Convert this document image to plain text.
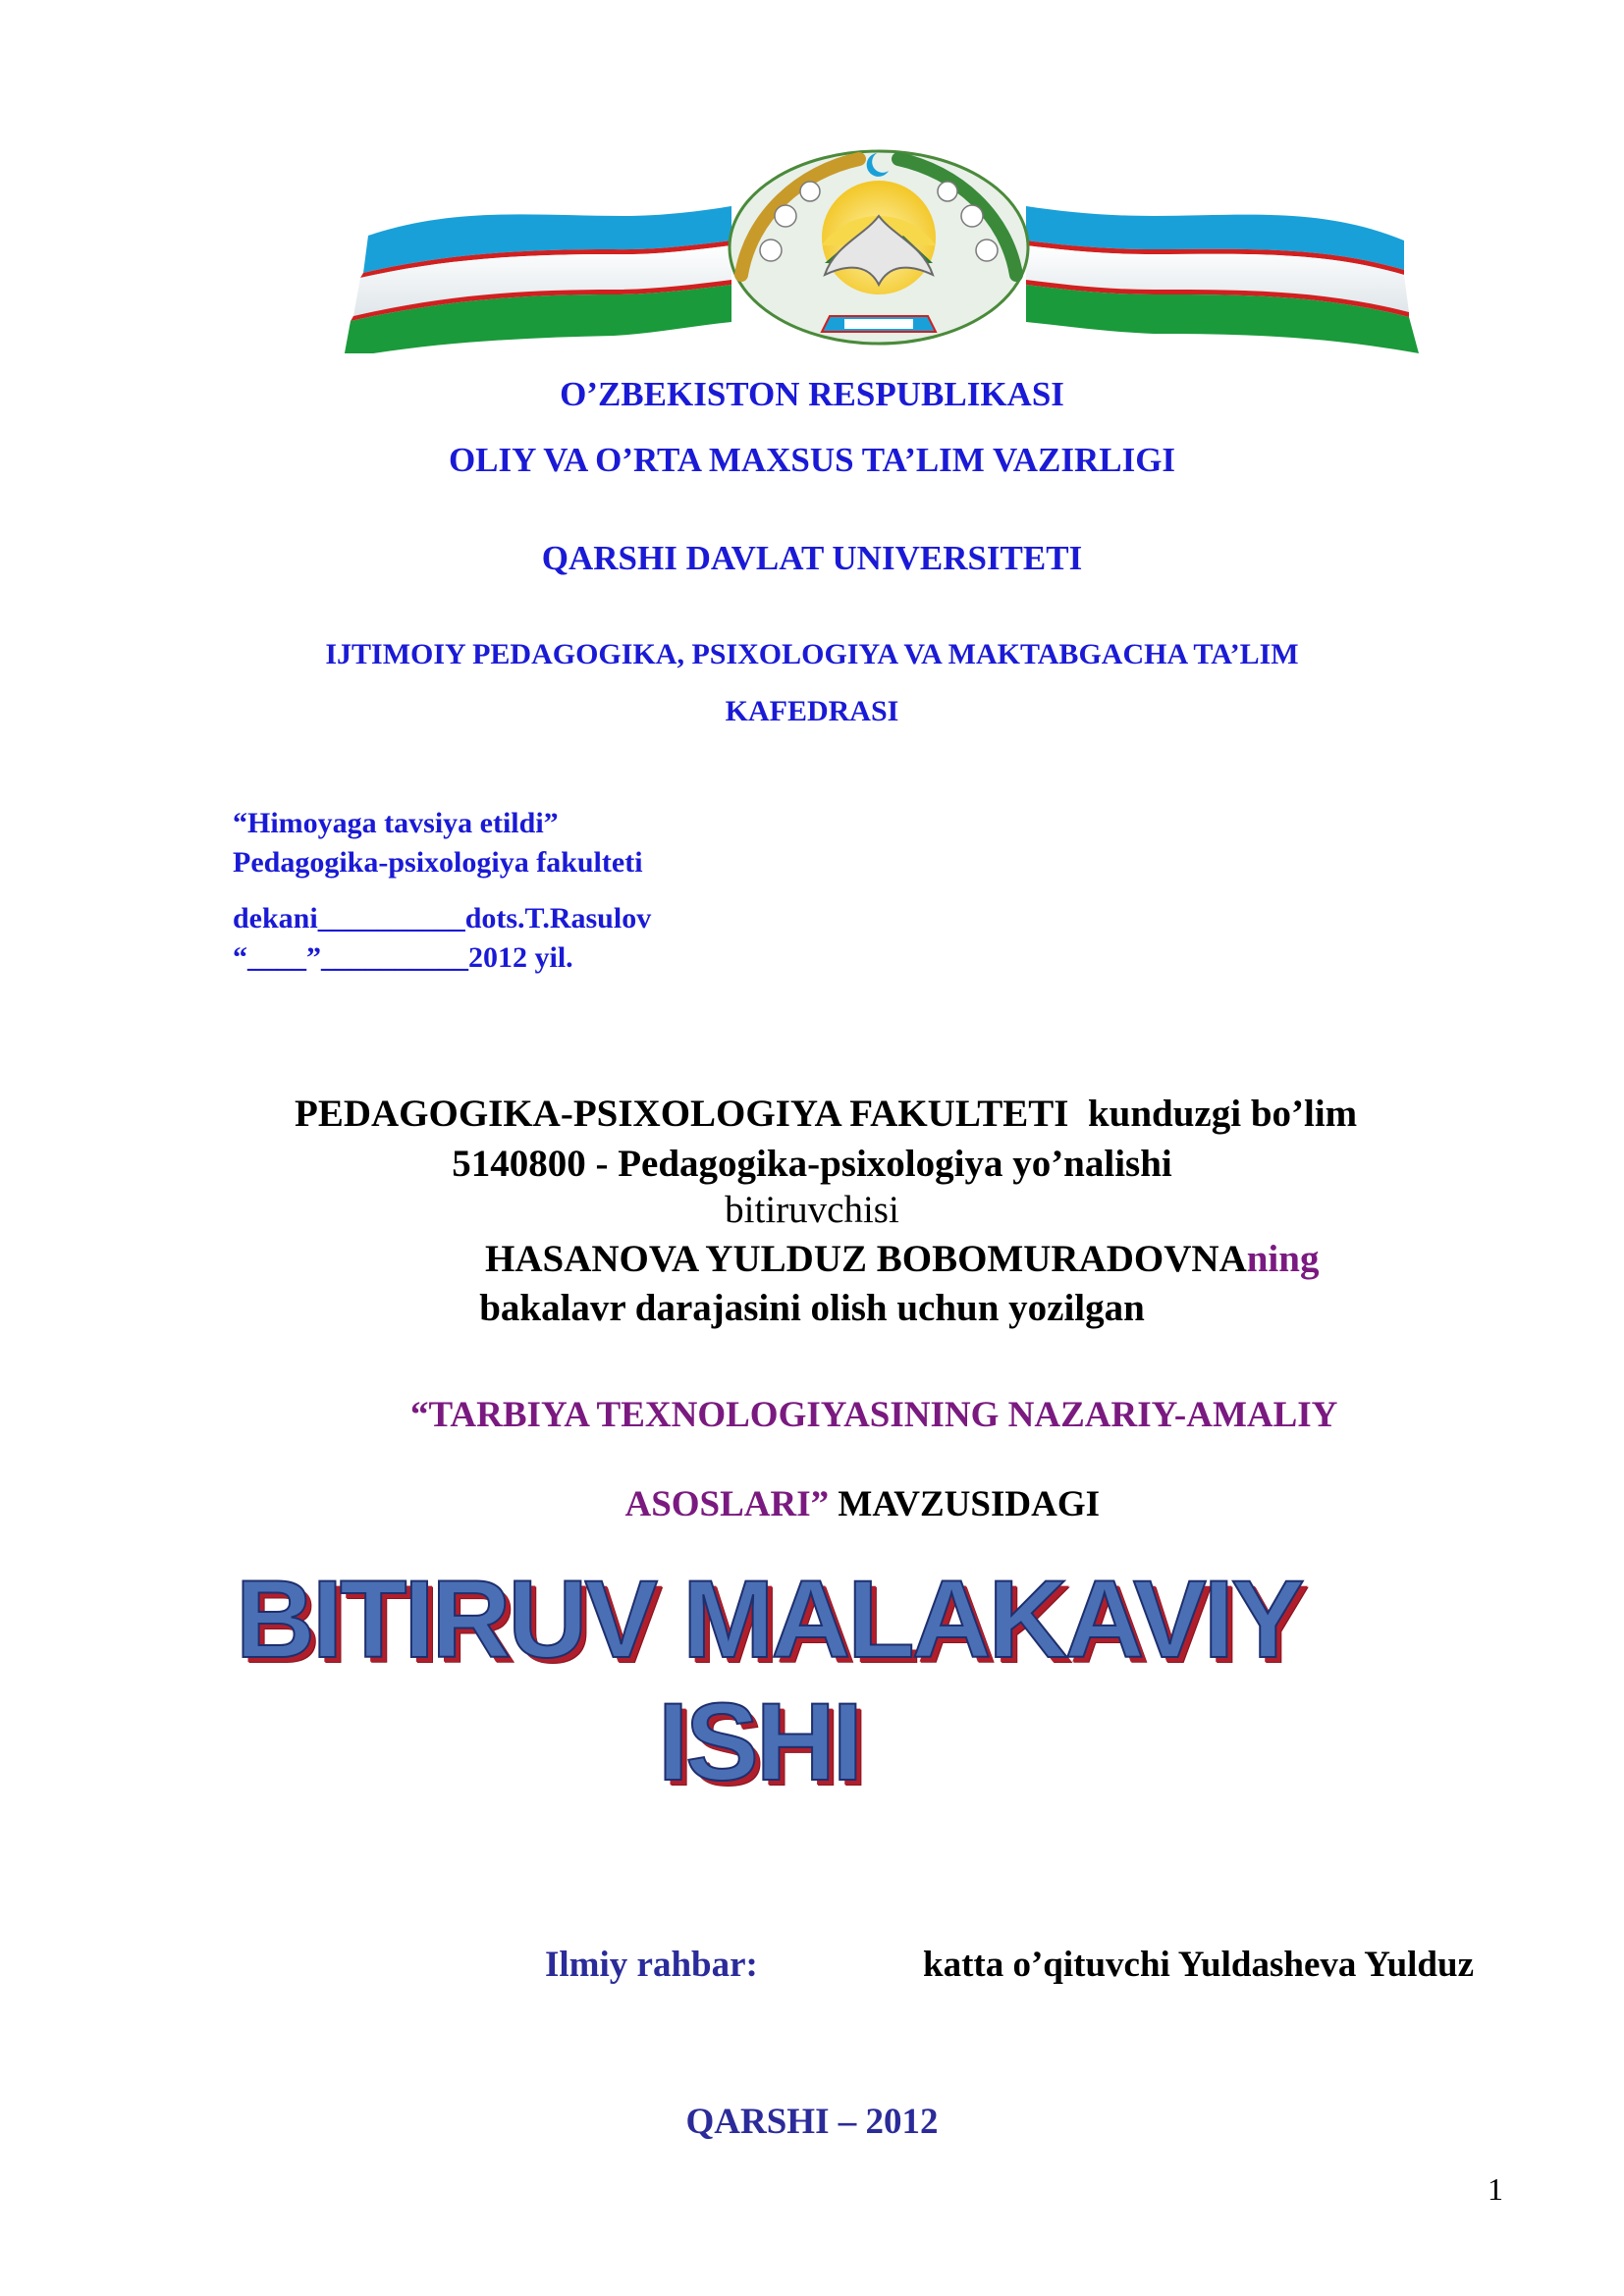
O’ZBEKISTON RESPUBLIKASI
OLIY VA O’RTA MAXSUS TA’LIM VAZIRLIGI
QARSHI DAVLAT UNIVERSITETI
IJTIMOIY PEDAGOGIKA, PSIXOLOGIYA VA MAKTABGACHA TA’LIM
KAFEDRASI
“Himoyaga tavsiya etildi”
Pedagogika-psixologiya fakulteti
dekani__________dots.T.Rasulov
“____”__________2012 yil.
PEDAGOGIKA-PSIXOLOGIYA FAKULTETI  kunduzgi bo’lim
5140800 - Pedagogika-psixologiya yo’nalishi
bitiruvchisi
HASANOVA YULDUZ BOBOMURADOVNAning
bakalavr darajasini olish uchun yozilgan
“TARBIYA TEXNOLOGIYASINING NAZARIY-AMALIY

ASOSLARI” MAVZUSIDAGI

BITIRUV MALAKAVIY
ISHI
Ilmiy rahbar:	katta o’qituvchi Yuldasheva Yulduz
QARSHI – 2012
1
